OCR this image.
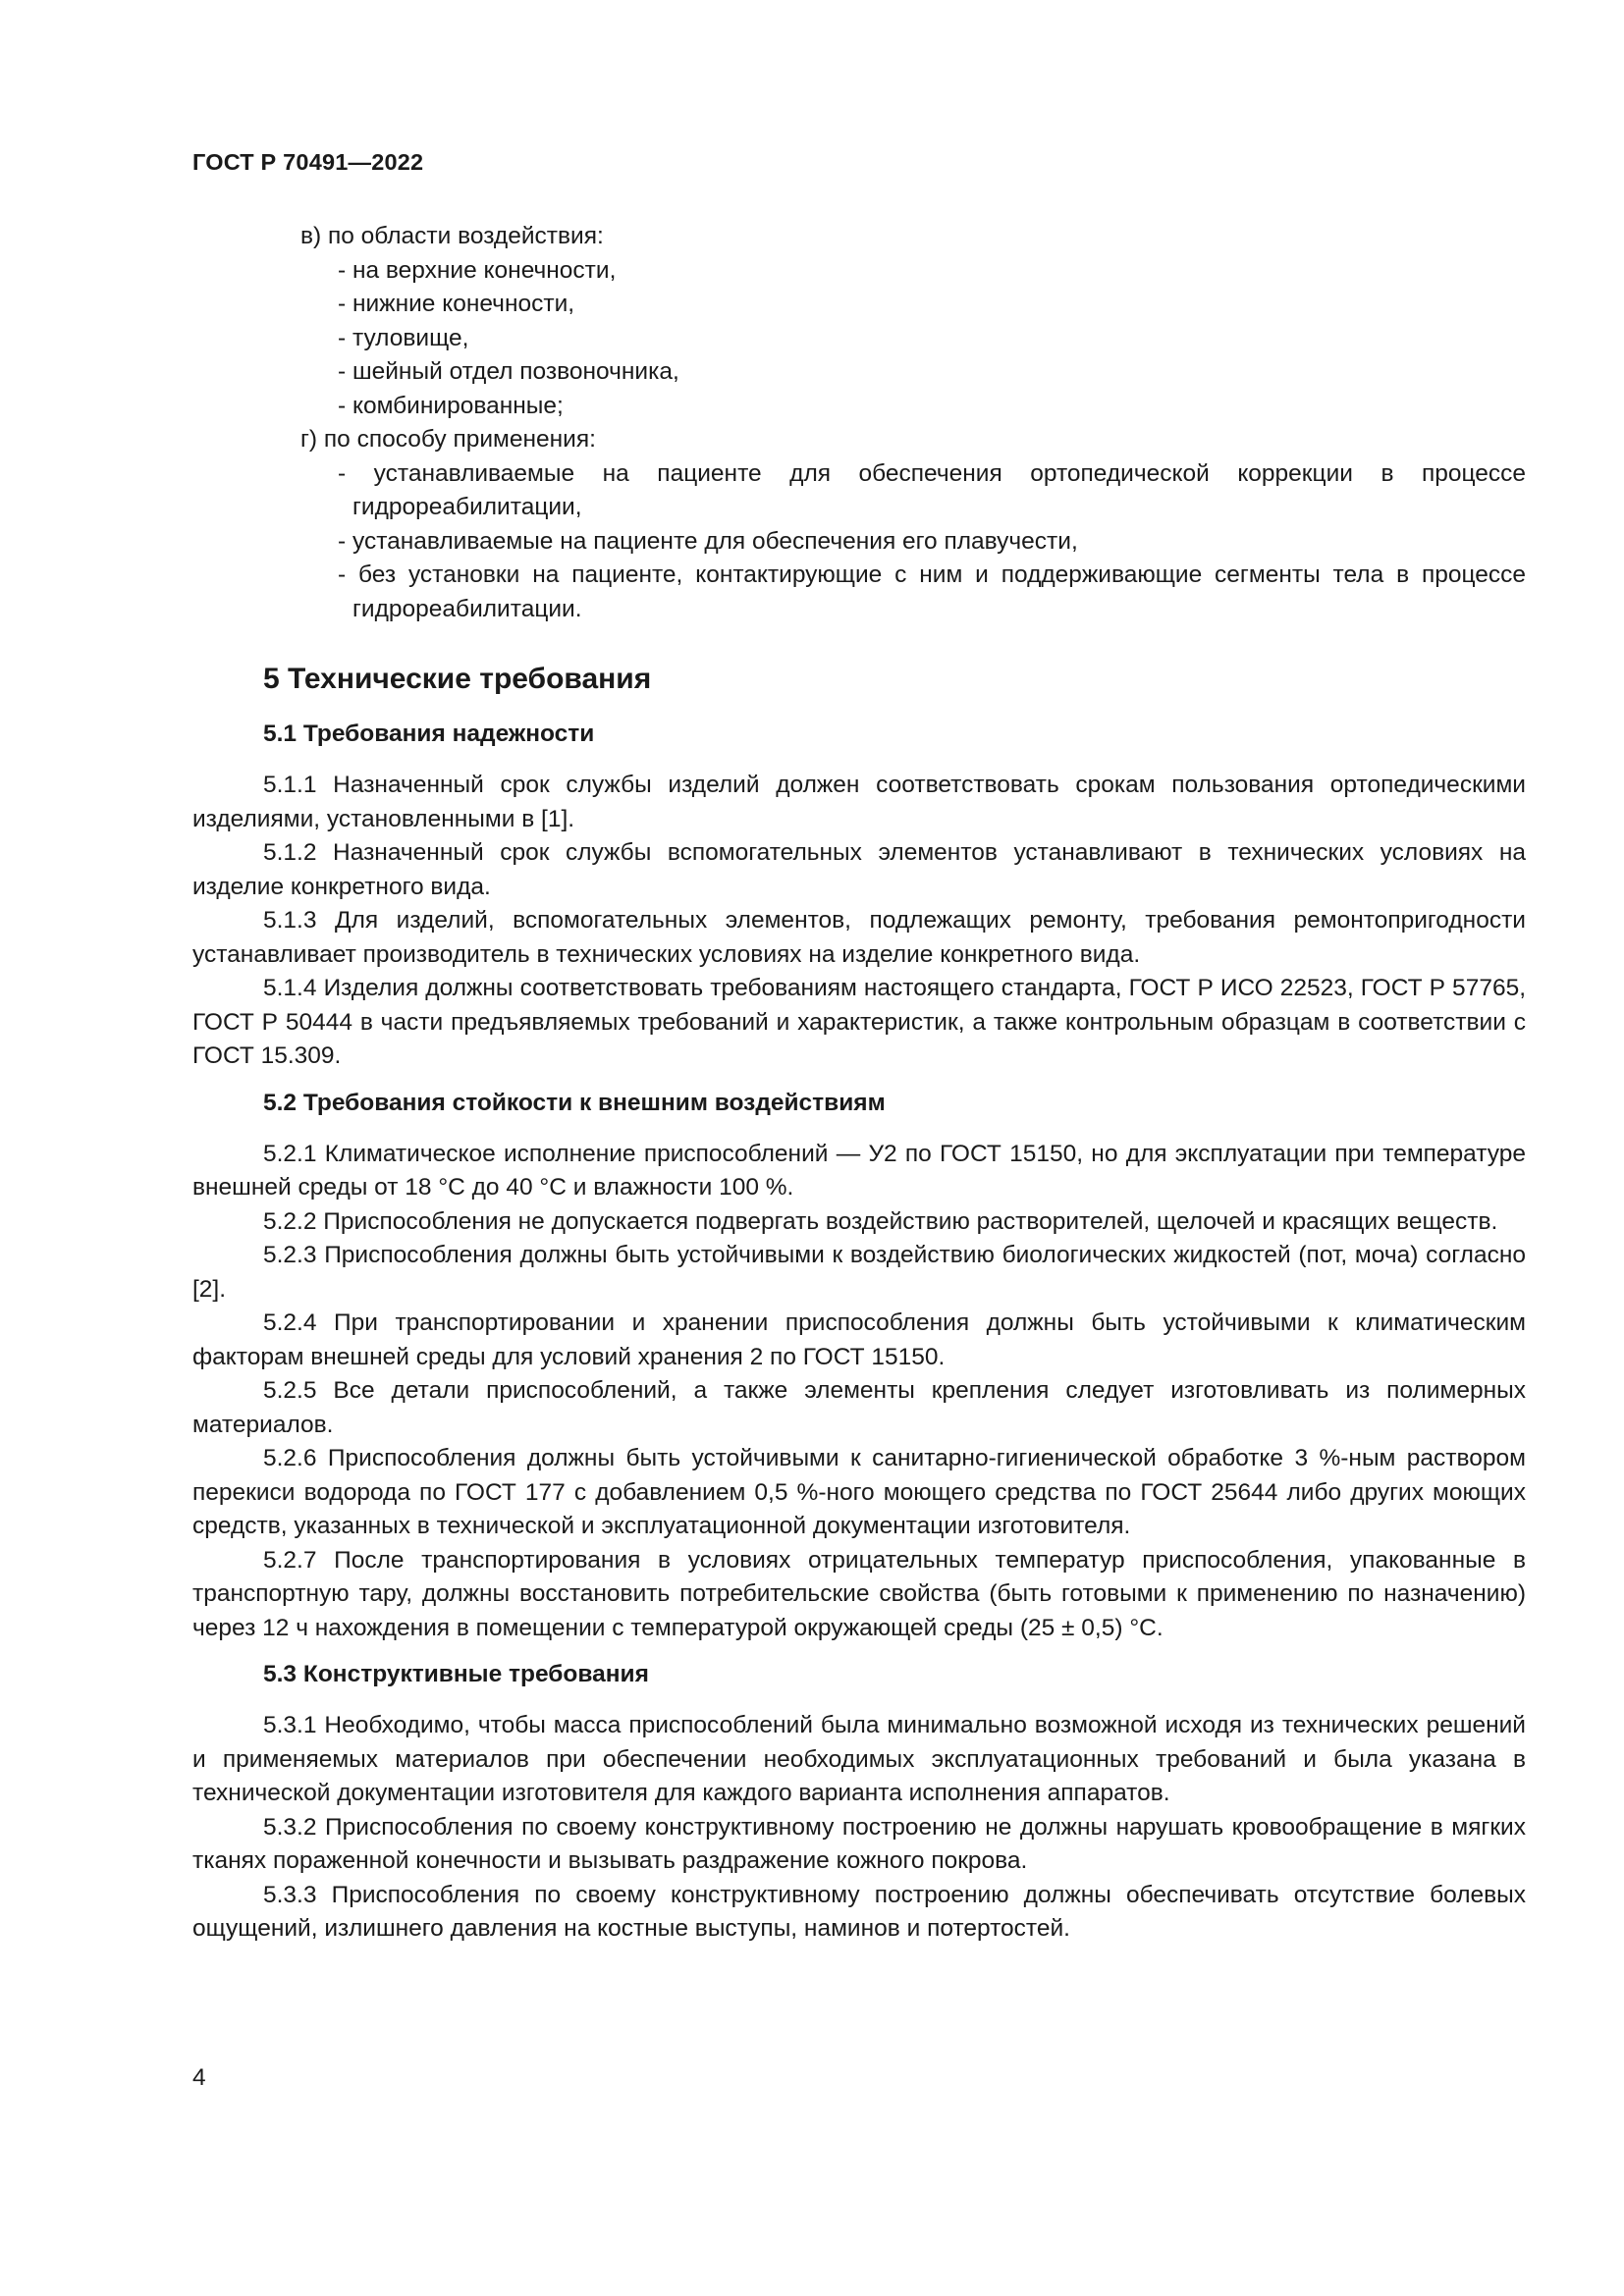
ГОСТ Р 70491—2022
в) по области воздействия:
- на верхние конечности,
- нижние конечности,
- туловище,
- шейный отдел позвоночника,
- комбинированные;
г) по способу применения:
- устанавливаемые на пациенте для обеспечения ортопедической коррекции в процессе гидрореабилитации,
- устанавливаемые на пациенте для обеспечения его плавучести,
- без установки на пациенте, контактирующие с ним и поддерживающие сегменты тела в процессе гидрореабилитации.
5 Технические требования
5.1 Требования надежности
5.1.1 Назначенный срок службы изделий должен соответствовать срокам пользования ортопедическими изделиями, установленными в [1].
5.1.2 Назначенный срок службы вспомогательных элементов устанавливают в технических условиях на изделие конкретного вида.
5.1.3 Для изделий, вспомогательных элементов, подлежащих ремонту, требования ремонтопригодности устанавливает производитель в технических условиях на изделие конкретного вида.
5.1.4 Изделия должны соответствовать требованиям настоящего стандарта, ГОСТ Р ИСО 22523, ГОСТ Р 57765, ГОСТ Р 50444 в части предъявляемых требований и характеристик, а также контрольным образцам в соответствии с ГОСТ 15.309.
5.2 Требования стойкости к внешним воздействиям
5.2.1 Климатическое исполнение приспособлений — У2 по ГОСТ 15150, но для эксплуатации при температуре внешней среды от 18 °С до 40 °С и влажности 100 %.
5.2.2 Приспособления не допускается подвергать воздействию растворителей, щелочей и красящих веществ.
5.2.3 Приспособления должны быть устойчивыми к воздействию биологических жидкостей (пот, моча) согласно [2].
5.2.4 При транспортировании и хранении приспособления должны быть устойчивыми к климатическим факторам внешней среды для условий хранения 2 по ГОСТ 15150.
5.2.5 Все детали приспособлений, а также элементы крепления следует изготовливать из полимерных материалов.
5.2.6 Приспособления должны быть устойчивыми к санитарно-гигиенической обработке 3 %-ным раствором перекиси водорода по ГОСТ 177 с добавлением 0,5 %-ного моющего средства по ГОСТ 25644 либо других моющих средств, указанных в технической и эксплуатационной документации изготовителя.
5.2.7 После транспортирования в условиях отрицательных температур приспособления, упакованные в транспортную тару, должны восстановить потребительские свойства (быть готовыми к применению по назначению) через 12 ч нахождения в помещении с температурой окружающей среды (25 ± 0,5) °С.
5.3 Конструктивные требования
5.3.1 Необходимо, чтобы масса приспособлений была минимально возможной исходя из технических решений и применяемых материалов при обеспечении необходимых эксплуатационных требований и была указана в технической документации изготовителя для каждого варианта исполнения аппаратов.
5.3.2 Приспособления по своему конструктивному построению не должны нарушать кровообращение в мягких тканях пораженной конечности и вызывать раздражение кожного покрова.
5.3.3 Приспособления по своему конструктивному построению должны обеспечивать отсутствие болевых ощущений, излишнего давления на костные выступы, наминов и потертостей.
4
